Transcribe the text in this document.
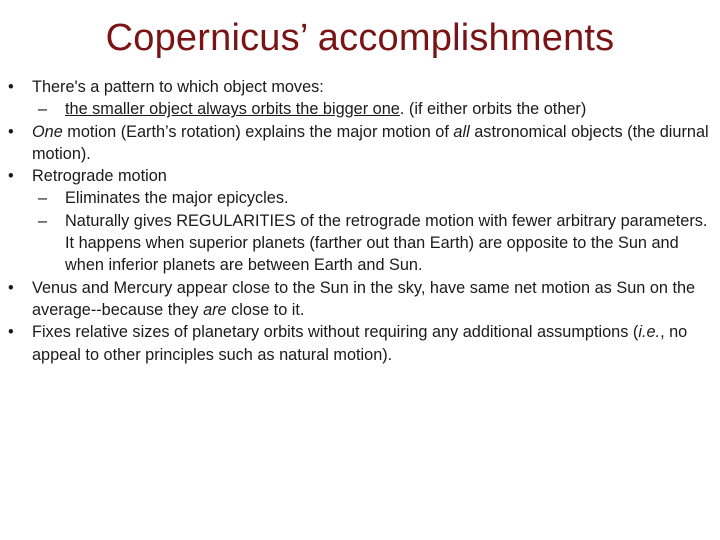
Copernicus’ accomplishments
• There's a pattern to which object moves:
– the smaller object always orbits the bigger one. (if either orbits the other)
• One motion (Earth’s rotation) explains the major motion of all astronomical objects (the diurnal motion).
• Retrograde motion
– Eliminates the major epicycles.
– Naturally gives REGULARITIES of the retrograde motion with fewer arbitrary parameters. It happens when superior planets (farther out than Earth) are opposite to the Sun and when inferior planets are between Earth and Sun.
• Venus and Mercury appear close to the Sun in the sky, have same net motion as Sun on the average--because they are close to it.
• Fixes relative sizes of planetary orbits without requiring any additional assumptions (i.e., no appeal to other principles such as natural motion).
